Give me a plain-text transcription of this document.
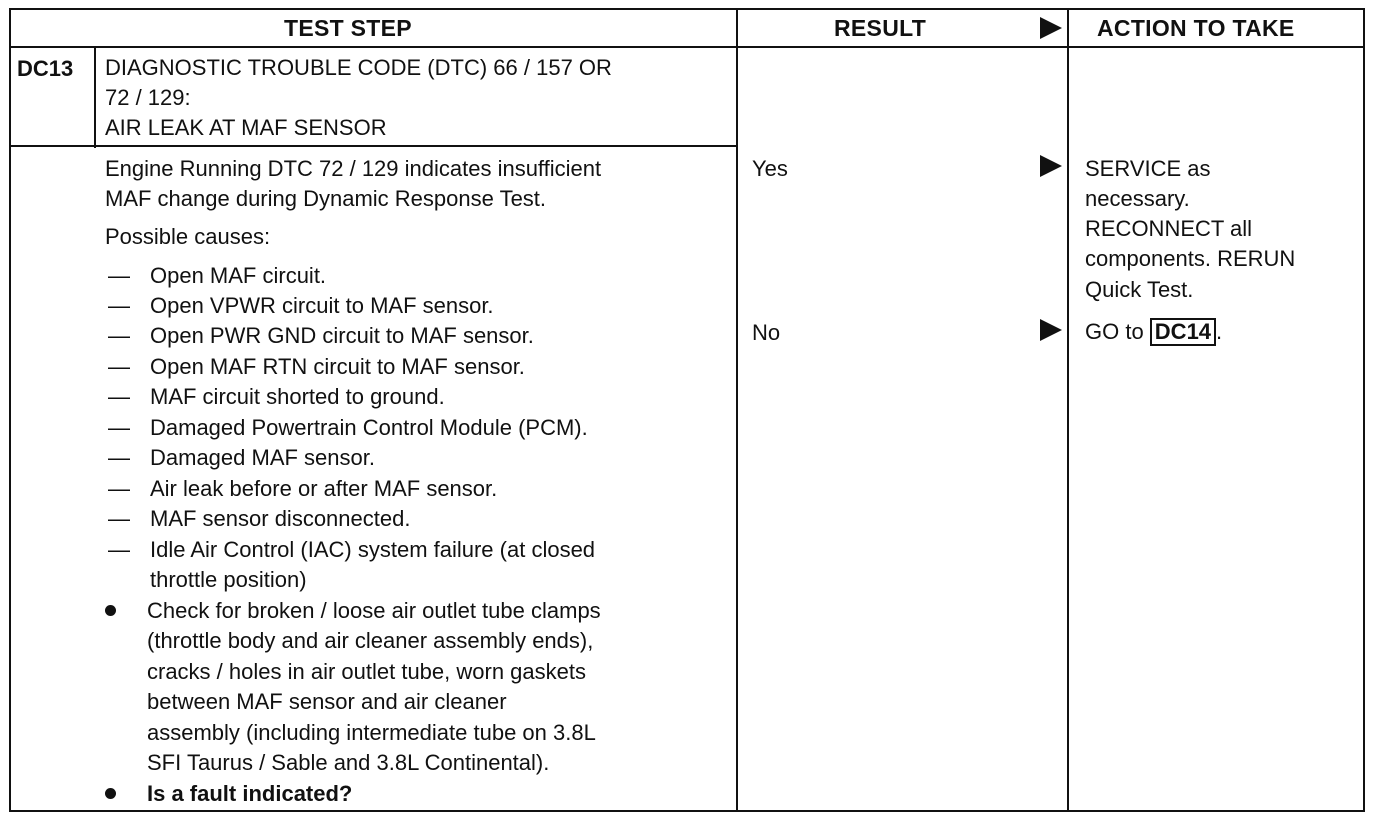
TEST STEP	RESULT	ACTION TO TAKE
DC13 DIAGNOSTIC TROUBLE CODE (DTC) 66 / 157 OR
72 / 129:
AIR LEAK AT MAF SENSOR
Engine Running DTC 72 / 129 indicates insufficient
MAF change during Dynamic Response Test.
Possible causes:
— Open MAF circuit.
— Open VPWR circuit to MAF sensor.
— Open PWR GND circuit to MAF sensor.
— Open MAF RTN circuit to MAF sensor.
— MAF circuit shorted to ground.
— Damaged Powertrain Control Module (PCM).
— Damaged MAF sensor.
— Air leak before or after MAF sensor.
— MAF sensor disconnected.
— Idle Air Control (IAC) system failure (at closed
throttle position)
Check for broken / loose air outlet tube clamps
(throttle body and air cleaner assembly ends),
cracks / holes in air outlet tube, worn gaskets
between MAF sensor and air cleaner
assembly (including intermediate tube on 3.8L
SFI Taurus / Sable and 3.8L Continental).
Is a fault indicated?
Yes
No
SERVICE as
necessary.
RECONNECT all
components. RERUN
Quick Test.
GO to DC14 .
